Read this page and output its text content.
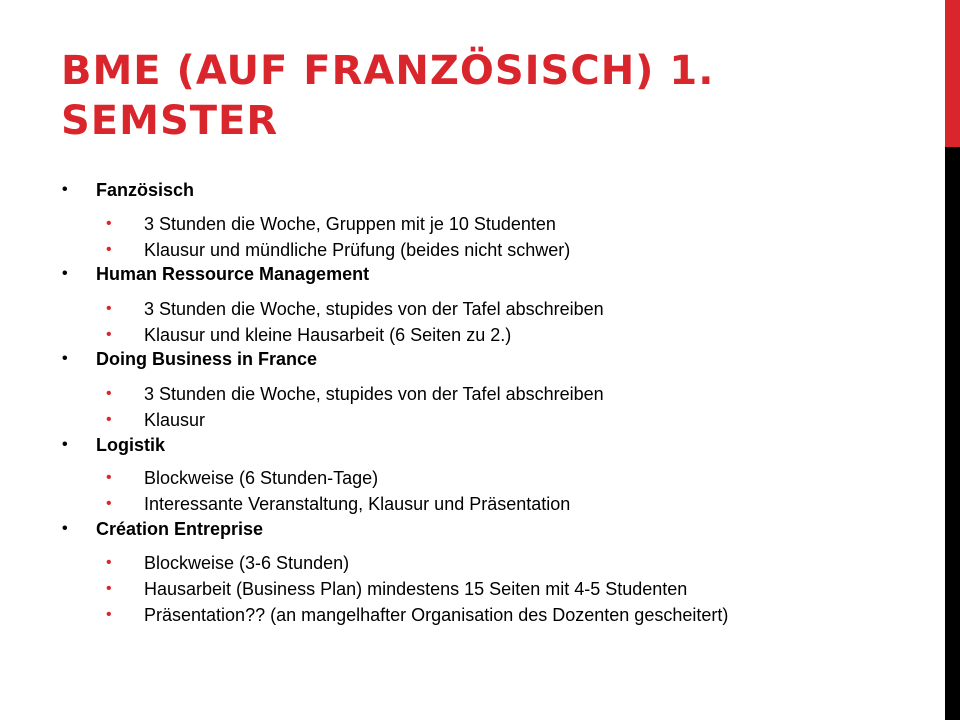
BME (AUF FRANZÖSISCH) 1. SEMSTER
• Fanzösisch
• 3 Stunden die Woche, Gruppen mit je 10 Studenten
• Klausur und mündliche Prüfung (beides nicht schwer)
• Human Ressource Management
• 3 Stunden die Woche, stupides von der Tafel abschreiben
• Klausur und kleine Hausarbeit (6 Seiten zu 2.)
• Doing Business in France
• 3 Stunden die Woche, stupides von der Tafel abschreiben
• Klausur
• Logistik
• Blockweise (6 Stunden-Tage)
• Interessante Veranstaltung, Klausur und Präsentation
• Création Entreprise
• Blockweise (3-6 Stunden)
• Hausarbeit (Business Plan) mindestens 15 Seiten mit 4-5 Studenten
• Präsentation?? (an mangelhafter Organisation des Dozenten gescheitert)
